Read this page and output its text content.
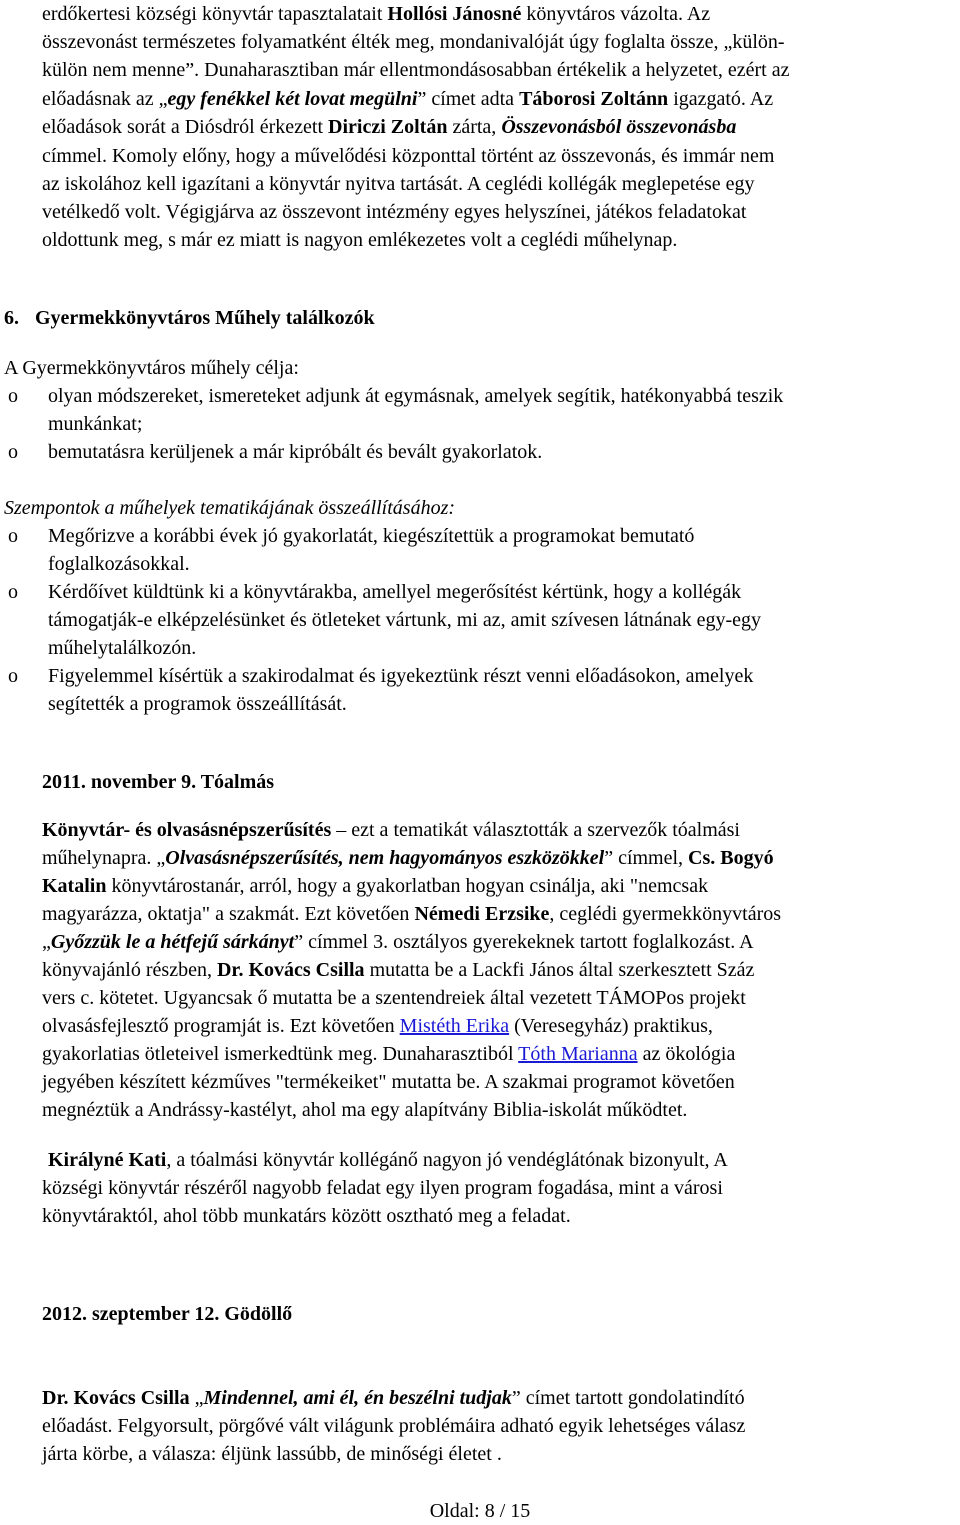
erdőkertesi községi könyvtár tapasztalatait Hollósi Jánosné könyvtáros vázolta. Az
összevonást természetes folyamatként élték meg, mondanivalóját úgy foglalta össze, „külön-
külön nem menne”. Dunaharasztiban már ellentmondásosabban értékelik a helyzetet, ezért az
előadásnak az „egy fenékkel két lovat megülni” címet adta Táborosi Zoltánn igazgató. Az
előadások sorát a Diósdról érkezett Diriczi Zoltán zárta, Összevonásból összevonásba
címmel. Komoly előny, hogy a művelődési központtal történt az összevonás, és immár nem
az iskolához kell igazítani a könyvtár nyitva tartását. A ceglédi kollégák meglepetése egy
vetélkedő volt. Végigjárva az összevont intézmény egyes helyszínei, játékos feladatokat
oldottunk meg, s már ez miatt is nagyon emlékezetes volt a ceglédi műhelynap.
6. Gyermekkönyvtáros Műhely találkozók
A Gyermekkönyvtáros műhely célja:
o olyan módszereket, ismereteket adjunk át egymásnak, amelyek segítik, hatékonyabbá teszik
munkánkat;
o bemutatásra kerüljenek a már kipróbált és bevált gyakorlatok.
Szempontok a műhelyek tematikájának összeállításához:
o Megőrizve a korábbi évek jó gyakorlatát, kiegészítettük a programokat bemutató
foglalkozásokkal.
o Kérdőívet küldtünk ki a könyvtárakba, amellyel megerősítést kértünk, hogy a kollégák
támogatják-e elképzelésünket és ötleteket vártunk, mi az, amit szívesen látnának egy-egy
műhelytalálkozón.
o Figyelemmel kísértük a szakirodalmat és igyekeztünk részt venni előadásokon, amelyek
segítették a programok összeállítását.
2011. november 9. Tóalmás
Könyvtár- és olvasásnépszerűsítés – ezt a tematikát választották a szervezők tóalmási
műhelynapra. „Olvasásnépszerűsítés, nem hagyományos eszközökkel” címmel, Cs. Bogyó
Katalin könyvtárostanár, arról, hogy a gyakorlatban hogyan csinálja, aki "nemcsak
magyarázza, oktatja" a szakmát. Ezt követően Némedi Erzsike, ceglédi gyermekkönyvtáros
„Győzzük le a hétfejű sárkányt” címmel 3. osztályos gyerekeknek tartott foglalkozást. A
könyvajánló részben, Dr. Kovács Csilla mutatta be a Lackfi János által szerkesztett Száz
vers c. kötetet. Ugyancsak ő mutatta be a szentendreiek által vezetett TÁMOPos projekt
olvasásfejlesztő programját is. Ezt követően Mistéth Erika (Veresegyház) praktikus,
gyakorlatias ötleteivel ismerkedtünk meg. Dunaharasztiból Tóth Marianna az ökológia
jegyében készített kézműves "termékeiket" mutatta be. A szakmai programot követően
megnéztük a Andrássy-kastélyt, ahol ma egy alapítvány Biblia-iskolát működtet.
Királyné Kati, a tóalmási könyvtár kollégánő nagyon jó vendéglátónak bizonyult, A
községi könyvtár részéről nagyobb feladat egy ilyen program fogadása, mint a városi
könyvtáraktól, ahol több munkatárs között osztható meg a feladat.
2012. szeptember 12. Gödöllő
Dr. Kovács Csilla „Mindennel, ami él, én beszélni tudjak” címet tartott gondolatindító
előadást. Felgyorsult, pörgővé vált világunk problémáira adható egyik lehetséges válasz
járta körbe, a válasza: éljünk lassúbb, de minőségi életet .
Oldal: 8 / 15
